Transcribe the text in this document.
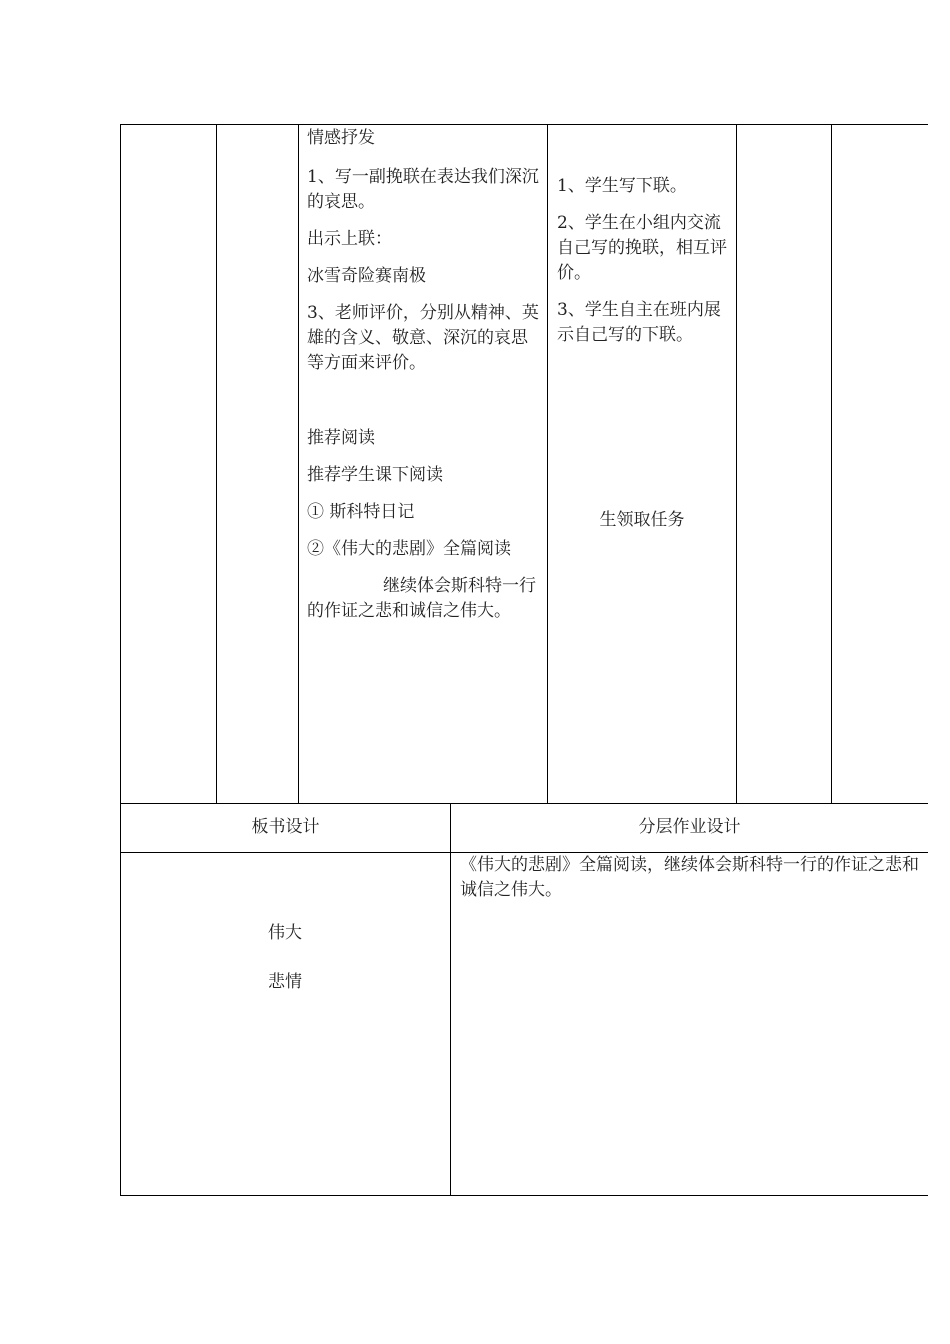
情感抒发

1、写一副挽联在表达我们深沉的哀思。

出示上联：

冰雪奇险赛南极

3、老师评价，分别从精神、英雄的含义、敬意、深沉的哀思等方面来评价。

推荐阅读

推荐学生课下阅读

① 斯科特日记

②《伟大的悲剧》全篇阅读

继续体会斯科特一行的作证之悲和诚信之伟大。

1、学生写下联。

2、学生在小组内交流自己写的挽联，相互评价。

3、学生自主在班内展示自己写的下联。

生领取任务
板书设计	分层作业设计
伟大
悲情

《伟大的悲剧》全篇阅读，继续体会斯科特一行的作证之悲和诚信之伟大。
